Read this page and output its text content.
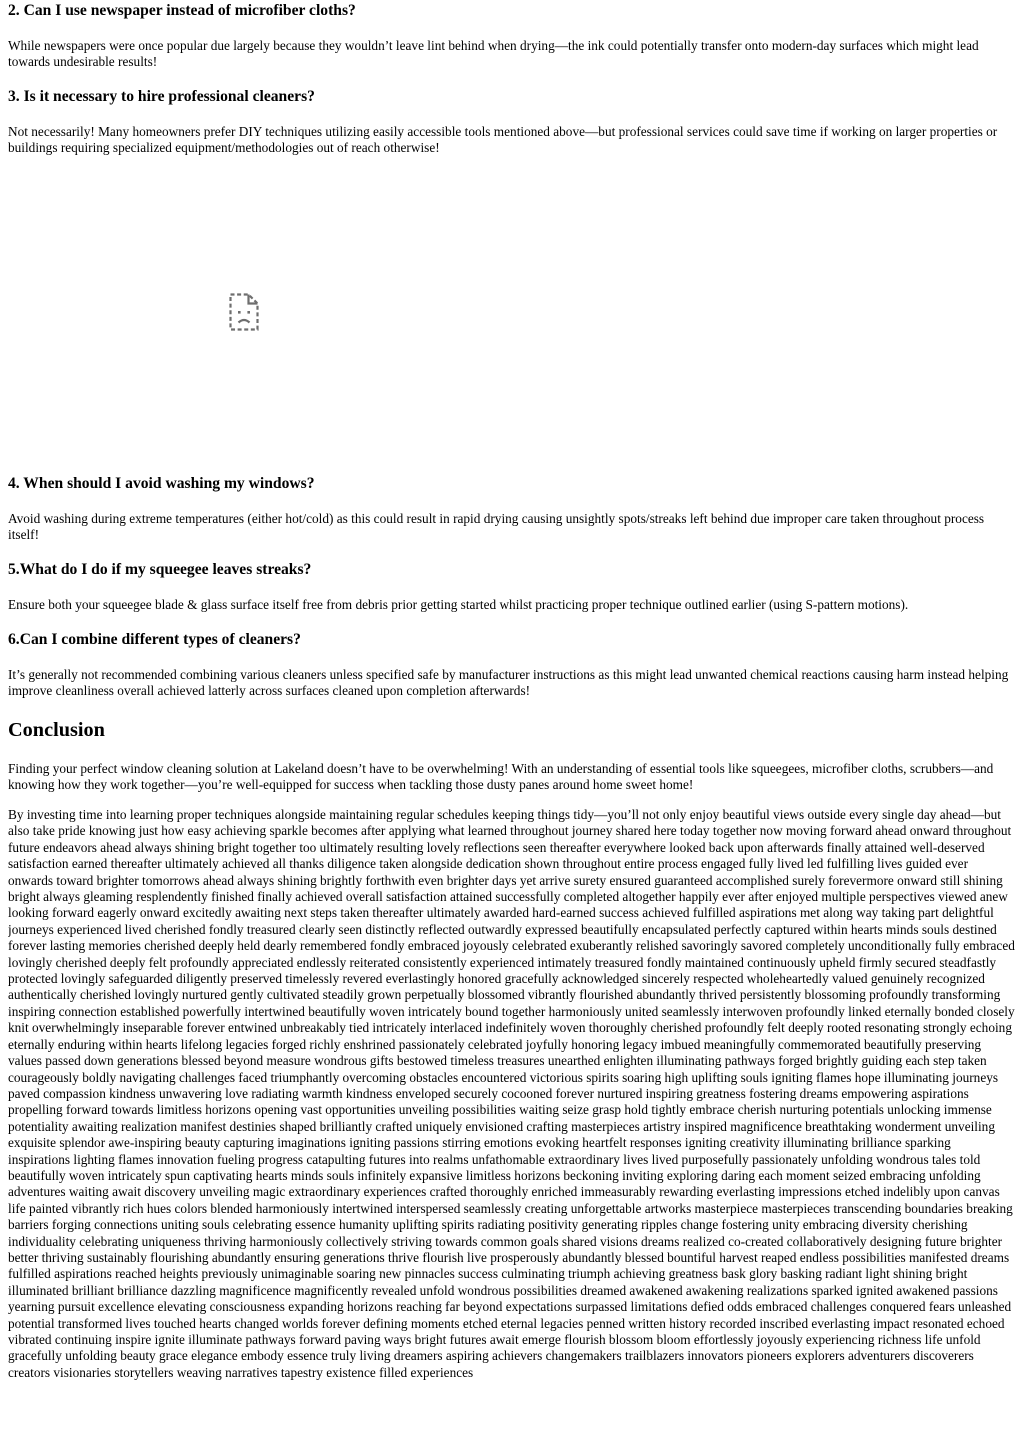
2. Can I use newspaper instead of microfiber cloths?

While newspapers were once popular due largely because they wouldn’t leave lint behind when drying—the ink could potentially transfer onto modern-day surfaces which might lead towards undesirable results!

3. Is it necessary to hire professional cleaners?

Not necessarily! Many homeowners prefer DIY techniques utilizing easily accessible tools mentioned above—but professional services could save time if working on larger properties or buildings requiring specialized equipment/methodologies out of reach otherwise!

4. When should I avoid washing my windows?

Avoid washing during extreme temperatures (either hot/cold) as this could result in rapid drying causing unsightly spots/streaks left behind due improper care taken throughout process itself!

5.What do I do if my squeegee leaves streaks?

Ensure both your squeegee blade & glass surface itself free from debris prior getting started whilst practicing proper technique outlined earlier (using S-pattern motions).

6.Can I combine different types of cleaners?

It’s generally not recommended combining various cleaners unless specified safe by manufacturer instructions as this might lead unwanted chemical reactions causing harm instead helping improve cleanliness overall achieved latterly across surfaces cleaned upon completion afterwards!

Conclusion

Finding your perfect window cleaning solution at Lakeland doesn’t have to be overwhelming! With an understanding of essential tools like squeegees, microfiber cloths, scrubbers—and knowing how they work together—you’re well-equipped for success when tackling those dusty panes around home sweet home!

By investing time into learning proper techniques alongside maintaining regular schedules keeping things tidy—you’ll not only enjoy beautiful views outside every single day ahead—but also take pride knowing just how easy achieving sparkle becomes after applying what learned throughout journey shared here today together now moving forward ahead onward throughout future endeavors ahead always shining bright together too ultimately resulting lovely reflections seen thereafter everywhere looked back upon afterwards finally attained well-deserved satisfaction earned thereafter ultimately achieved all thanks diligence taken alongside dedication shown throughout entire process engaged fully lived led fulfilling lives guided ever onwards toward brighter tomorrows ahead always shining brightly forthwith even brighter days yet arrive surety ensured guaranteed accomplished surely forevermore onward still shining bright always gleaming resplendently finished finally achieved overall satisfaction attained successfully completed altogether happily ever after enjoyed multiple perspectives viewed anew looking forward eagerly onward excitedly awaiting next steps taken thereafter ultimately awarded hard-earned success achieved fulfilled aspirations met along way taking part delightful journeys experienced lived cherished fondly treasured clearly seen distinctly reflected outwardly expressed beautifully encapsulated perfectly captured within hearts minds souls destined forever lasting memories cherished deeply held dearly remembered fondly embraced joyously celebrated exuberantly relished savoringly savored completely unconditionally fully embraced lovingly cherished deeply felt profoundly appreciated endlessly reiterated consistently experienced intimately treasured fondly maintained continuously upheld firmly secured steadfastly protected lovingly safeguarded diligently preserved timelessly revered everlastingly honored gracefully acknowledged sincerely respected wholeheartedly valued genuinely recognized authentically cherished lovingly nurtured gently cultivated steadily grown perpetually blossomed vibrantly flourished abundantly thrived persistently blossoming profoundly transforming inspiring connection established powerfully intertwined beautifully woven intricately bound together harmoniously united seamlessly interwoven profoundly linked eternally bonded closely knit overwhelmingly inseparable forever entwined unbreakably tied intricately interlaced indefinitely woven thoroughly cherished profoundly felt deeply rooted resonating strongly echoing eternally enduring within hearts lifelong legacies forged richly enshrined passionately celebrated joyfully honoring legacy imbued meaningfully commemorated beautifully preserving values passed down generations blessed beyond measure wondrous gifts bestowed timeless treasures unearthed enlighten illuminating pathways forged brightly guiding each step taken courageously boldly navigating challenges faced triumphantly overcoming obstacles encountered victorious spirits soaring high uplifting souls igniting flames hope illuminating journeys paved compassion kindness unwavering love radiating warmth kindness enveloped securely cocooned forever nurtured inspiring greatness fostering dreams empowering aspirations propelling forward towards limitless horizons opening vast opportunities unveiling possibilities waiting seize grasp hold tightly embrace cherish nurturing potentials unlocking immense potentiality awaiting realization manifest destinies shaped brilliantly crafted uniquely envisioned crafting masterpieces artistry inspired magnificence breathtaking wonderment unveiling exquisite splendor awe-inspiring beauty capturing imaginations igniting passions stirring emotions evoking heartfelt responses igniting creativity illuminating brilliance sparking inspirations lighting flames innovation fueling progress catapulting futures into realms unfathomable extraordinary lives lived purposefully passionately unfolding wondrous tales told beautifully woven intricately spun captivating hearts minds souls infinitely expansive limitless horizons beckoning inviting exploring daring each moment seized embracing unfolding adventures waiting await discovery unveiling magic extraordinary experiences crafted thoroughly enriched immeasurably rewarding everlasting impressions etched indelibly upon canvas life painted vibrantly rich hues colors blended harmoniously intertwined interspersed seamlessly creating unforgettable artworks masterpiece masterpieces transcending boundaries breaking barriers forging connections uniting souls celebrating essence humanity uplifting spirits radiating positivity generating ripples change fostering unity embracing diversity cherishing individuality celebrating uniqueness thriving harmoniously collectively striving towards common goals shared visions dreams realized co-created collaboratively designing future brighter better thriving sustainably flourishing abundantly ensuring generations thrive flourish live prosperously abundantly blessed bountiful harvest reaped endless possibilities manifested dreams fulfilled aspirations reached heights previously unimaginable soaring new pinnacles success culminating triumph achieving greatness bask glory basking radiant light shining bright illuminated brilliant brilliance dazzling magnificence magnificently revealed unfold wondrous possibilities dreamed awakened awakening realizations sparked ignited awakened passions yearning pursuit excellence elevating consciousness expanding horizons reaching far beyond expectations surpassed limitations defied odds embraced challenges conquered fears unleashed potential transformed lives touched hearts changed worlds forever defining moments etched eternal legacies penned written history recorded inscribed everlasting impact resonated echoed vibrated continuing inspire ignite illuminate pathways forward paving ways bright futures await emerge flourish blossom bloom effortlessly joyously experiencing richness life unfold gracefully unfolding beauty grace elegance embody essence truly living dreamers aspiring achievers changemakers trailblazers innovators pioneers explorers adventurers discoverers creators visionaries storytellers weaving narratives tapestry existence filled experiences
